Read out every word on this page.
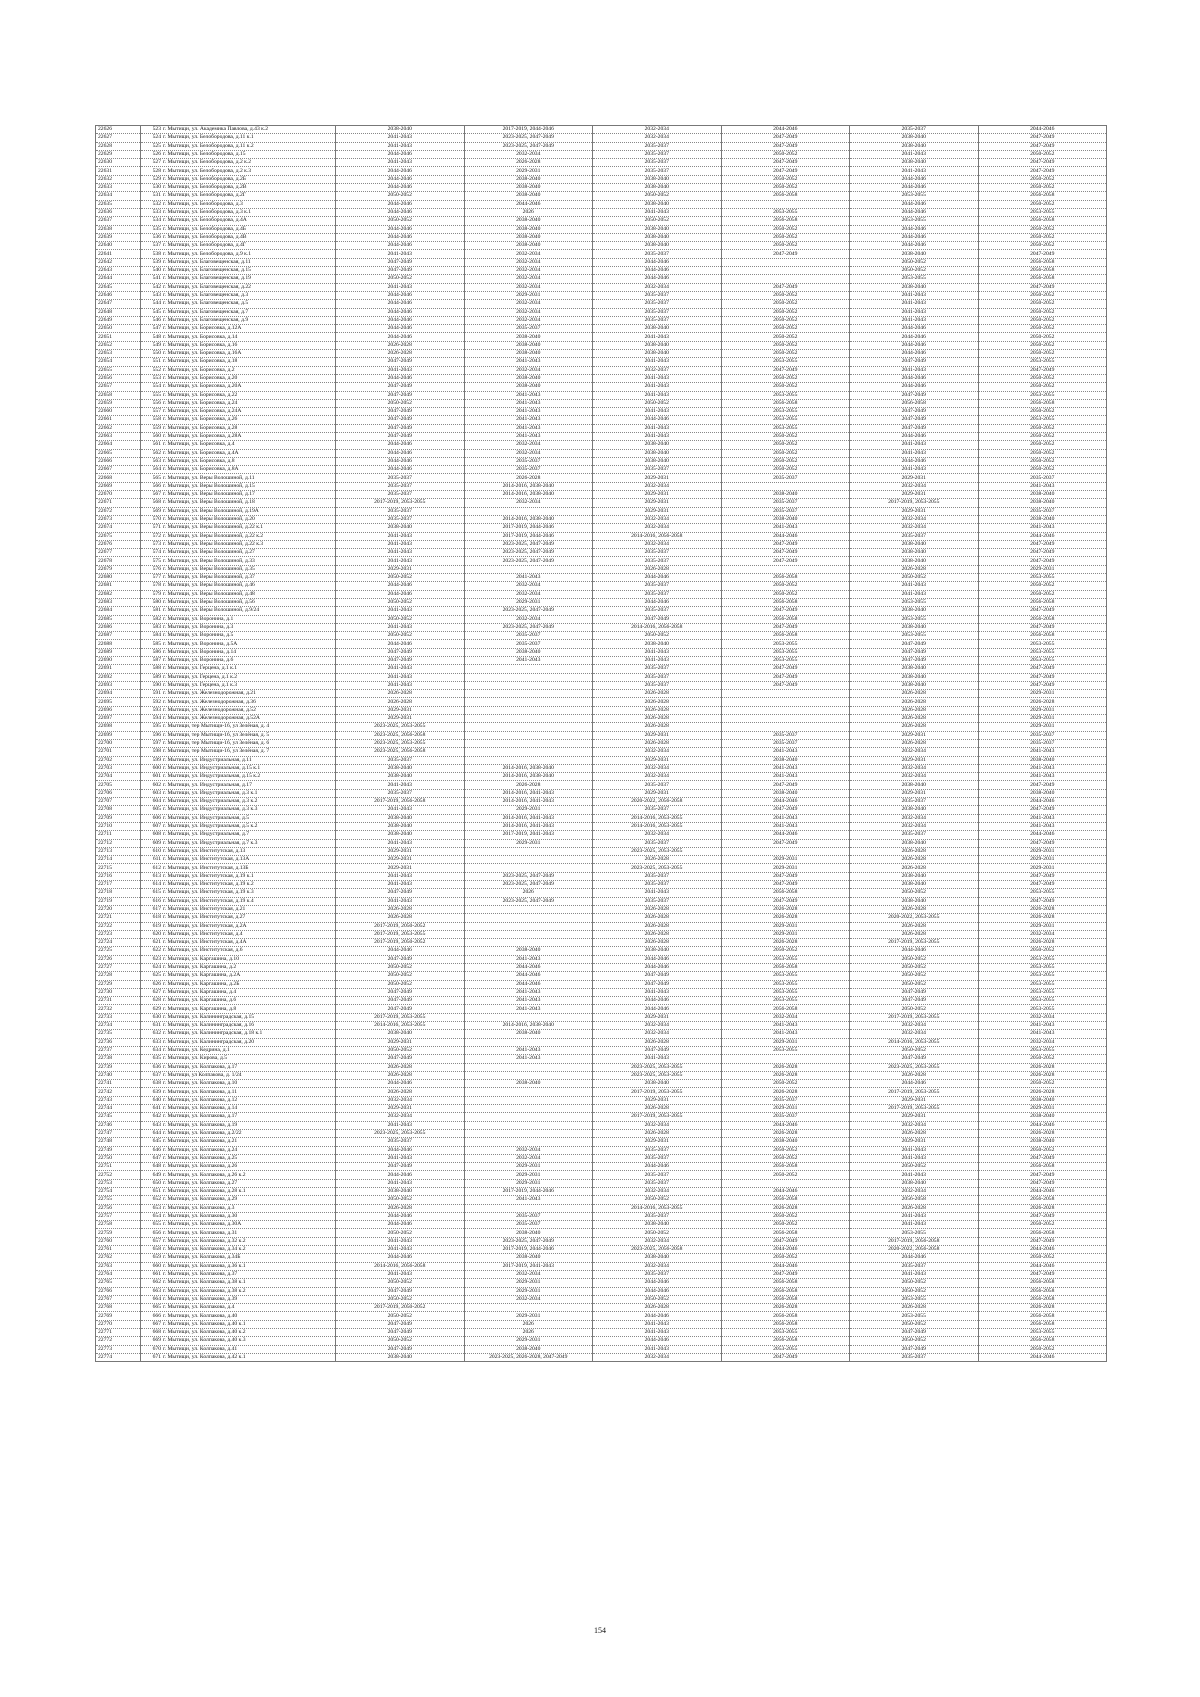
22626	523 г. Мытищи, ул. Академика Павлова, д.43 к.2	2038-2040	2017-2019, 2044-2046	2032-2034	2044-2046	2035-2037	2044-2046
22627	524 г. Мытищи, ул. Белобородова, д.11 к.1	2041-2043	2023-2025, 2047-2049	2032-2034	2047-2049	2038-2040	2047-2049
22628	525 г. Мытищи, ул. Белобородова, д.11 к.2	2041-2043	2023-2025, 2047-2049	2035-2037	2047-2049	2038-2040	2047-2049
22629	526 г. Мытищи, ул. Белобородова, д.15	2044-2046	2032-2034	2035-2037	2050-2052	2041-2043	2050-2052
22630	527 г. Мытищи, ул. Белобородова, д.2 к.2	2041-2043	2026-2028	2035-2037	2047-2049	2038-2040	2047-2049
22631	528 г. Мытищи, ул. Белобородова, д.2 к.3	2044-2046	2029-2031	2035-2037	2047-2049	2041-2043	2047-2049
22632	529 г. Мытищи, ул. Белобородова, д.2Б	2044-2046	2038-2040	2038-2040	2050-2052	2044-2046	2050-2052
22633	530 г. Мытищи, ул. Белобородова, д.2В	2044-2046	2038-2040	2038-2040	2050-2052	2044-2046	2050-2052
22634	531 г. Мытищи, ул. Белобородова, д.2Г	2050-2052	2038-2040	2050-2052	2056-2058	2053-2055	2056-2058
22635	532 г. Мытищи, ул. Белобородова, д.3	2044-2046	2044-2046	2038-2040		2044-2046	2050-2052
22636	533 г. Мытищи, ул. Белобородова, д.3 к.1	2044-2046	2026	2041-2043	2053-2055	2044-2046	2053-2055
22637	534 г. Мытищи, ул. Белобородова, д.4А	2050-2052	2038-2040	2050-2052	2056-2058	2053-2055	2056-2058
22638	535 г. Мытищи, ул. Белобородова, д.4Б	2044-2046	2038-2040	2038-2040	2050-2052	2044-2046	2050-2052
22639	536 г. Мытищи, ул. Белобородова, д.4В	2044-2046	2038-2040	2038-2040	2050-2052	2044-2046	2050-2052
22640	537 г. Мытищи, ул. Белобородова, д.4Г	2044-2046	2038-2040	2038-2040	2050-2052	2044-2046	2050-2052
22641	538 г. Мытищи, ул. Белобородова, д.9 к.1	2041-2043	2032-2034	2035-2037	2047-2049	2038-2040	2047-2049
22642	539 г. Мытищи, ул. Благовещенская, д.11	2047-2049	2032-2034	2044-2046		2050-2052	2056-2058
22643	540 г. Мытищи, ул. Благовещенская, д.15	2047-2049	2032-2034	2044-2046		2050-2052	2056-2058
22644	541 г. Мытищи, ул. Благовещенская, д.19	2050-2052	2032-2034	2044-2046		2053-2055	2056-2058
22645	542 г. Мытищи, ул. Благовещенская, д.22	2041-2043	2032-2034	2032-2034	2047-2049	2038-2040	2047-2049
22646	543 г. Мытищи, ул. Благовещенская, д.3	2044-2046	2029-2031	2035-2037	2050-2052	2041-2043	2050-2052
22647	544 г. Мытищи, ул. Благовещенская, д.5	2044-2046	2032-2034	2035-2037	2050-2052	2041-2043	2050-2052
22648	545 г. Мытищи, ул. Благовещенская, д.7	2044-2046	2032-2034	2035-2037	2050-2052	2041-2043	2050-2052
22649	546 г. Мытищи, ул. Благовещенская, д.9	2044-2046	2032-2034	2035-2037	2050-2052	2041-2043	2050-2052
22650	547 г. Мытищи, ул. Борисовка, д.12А	2044-2046	2035-2037	2038-2040	2050-2052	2044-2046	2050-2052
22651	548 г. Мытищи, ул. Борисовка, д.14	2044-2046	2038-2040	2041-2043	2050-2052	2044-2046	2050-2052
22652	549 г. Мытищи, ул. Борисовка, д.16	2026-2028	2038-2040	2038-2040	2050-2052	2044-2046	2050-2052
22653	550 г. Мытищи, ул. Борисовка, д.16А	2026-2028	2038-2040	2038-2040	2050-2052	2044-2046	2050-2052
22654	551 г. Мытищи, ул. Борисовка, д.18	2047-2049	2041-2043	2041-2043	2053-2055	2047-2049	2053-2055
22655	552 г. Мытищи, ул. Борисовка, д.2	2041-2043	2032-2034	2032-2037	2047-2049	2041-2043	2047-2049
22656	553 г. Мытищи, ул. Борисовка, д.20	2044-2046	2038-2040	2041-2043	2050-2052	2044-2046	2050-2052
22657	554 г. Мытищи, ул. Борисовка, д.20А	2047-2049	2038-2040	2041-2043	2050-2052	2044-2046	2050-2052
22658	555 г. Мытищи, ул. Борисовка, д.22	2047-2049	2041-2043	2041-2043	2053-2055	2047-2049	2053-2055
22659	556 г. Мытищи, ул. Борисовка, д.24	2050-2052	2041-2043	2050-2052	2056-2058	2056-2058	2056-2058
22660	557 г. Мытищи, ул. Борисовка, д.24А	2047-2049	2041-2043	2041-2043	2053-2055	2047-2049	2050-2052
22661	558 г. Мытищи, ул. Борисовка, д.26	2047-2049	2041-2043	2044-2046	2053-2055	2047-2049	2053-2055
22662	559 г. Мытищи, ул. Борисовка, д.28	2047-2049	2041-2043	2041-2043	2053-2055	2047-2049	2050-2052
22663	560 г. Мытищи, ул. Борисовка, д.28А	2047-2049	2041-2043	2041-2043	2050-2052	2044-2046	2050-2052
22664	561 г. Мытищи, ул. Борисовка, д.4	2044-2046	2032-2034	2038-2040	2050-2052	2041-2043	2050-2052
22665	562 г. Мытищи, ул. Борисовка, д.4А	2044-2046	2032-2034	2038-2040	2050-2052	2041-2043	2050-2052
22666	563 г. Мытищи, ул. Борисовка, д.8	2044-2046	2035-2037	2038-2040	2050-2052	2044-2046	2050-2052
22667	564 г. Мытищи, ул. Борисовка, д.8А	2044-2046	2035-2037	2035-2037	2050-2052	2041-2043	2050-2052
22668	565 г. Мытищи, ул. Веры Волошиной, д.11	2035-2037	2026-2028	2029-2031	2035-2037	2029-2031	2035-2037
22669	566 г. Мытищи, ул. Веры Волошиной, д.15	2035-2037	2014-2016, 2038-2040	2032-2034		2032-2034	2041-2043
22670	567 г. Мытищи, ул. Веры Волошиной, д.17	2035-2037	2014-2016, 2038-2040	2029-2031	2038-2040	2029-2031	2038-2040
22671	568 г. Мытищи, ул. Веры Волошиной, д.18	2017-2019, 2053-2055	2032-2034	2029-2031	2035-2037	2017-2019, 2053-2055	2038-2040
22672	569 г. Мытищи, ул. Веры Волошиной, д.19А	2035-2037		2029-2031	2035-2037	2029-2031	2035-2037
22673	570 г. Мытищи, ул. Веры Волошиной, д.20	2035-2037	2014-2016, 2038-2040	2032-2034	2038-2040	2032-2034	2038-2040
22674	571 г. Мытищи, ул. Веры Волошиной, д.22 к.1	2038-2040	2017-2019, 2044-2046	2032-2034	2041-2043	2032-2034	2041-2043
22675	572 г. Мытищи, ул. Веры Волошиной, д.22 к.2	2041-2043	2017-2019, 2044-2046	2014-2016, 2056-2058	2044-2046	2035-2037	2044-2046
22676	573 г. Мытищи, ул. Веры Волошиной, д.22 к.3	2041-2043	2023-2025, 2047-2049	2032-2034	2047-2049	2038-2040	2047-2049
22677	574 г. Мытищи, ул. Веры Волошиной, д.27	2041-2043	2023-2025, 2047-2049	2035-2037	2047-2049	2038-2040	2047-2049
22678	575 г. Мытищи, ул. Веры Волошиной, д.33	2041-2043	2023-2025, 2047-2049	2035-2037	2047-2049	2038-2040	2047-2049
22679	576 г. Мытищи, ул. Веры Волошиной, д.35	2029-2031		2026-2028		2026-2028	2029-2031
22680	577 г. Мытищи, ул. Веры Волошиной, д.37	2050-2052	2041-2043	2044-2046	2056-2058	2050-2052	2053-2055
22681	578 г. Мытищи, ул. Веры Волошиной, д.46	2044-2046	2032-2034	2035-2037	2050-2052	2041-2043	2050-2052
22682	579 г. Мытищи, ул. Веры Волошиной, д.48	2044-2046	2032-2034	2035-2037	2050-2052	2041-2043	2050-2052
22683	580 г. Мытищи, ул. Веры Волошиной, д.56	2050-2052	2029-2031	2044-2046	2056-2058	2053-2055	2056-2058
22684	581 г. Мытищи, ул. Веры Волошиной, д.9/24	2041-2043	2023-2025, 2047-2049	2035-2037	2047-2049	2038-2040	2047-2049
22685	582 г. Мытищи, ул. Воронина, д.1	2050-2052	2032-2034	2047-2049	2056-2058	2053-2055	2056-2058
22686	583 г. Мытищи, ул. Воронина, д.3	2041-2043	2023-2025, 2047-2049	2014-2016, 2056-2058	2047-2049	2038-2040	2047-2049
22687	584 г. Мытищи, ул. Воронина, д.5	2050-2052	2035-2037	2050-2052	2056-2058	2053-2055	2056-2058
22688	585 г. Мытищи, ул. Воронина, д.5А	2044-2046	2035-2037	2038-2040	2053-2055	2047-2049	2053-2055
22689	586 г. Мытищи, ул. Воронина, д.14	2047-2049	2038-2040	2041-2043	2053-2055	2047-2049	2053-2055
22690	587 г. Мытищи, ул. Воронина, д.6	2047-2049	2041-2043	2041-2043	2053-2055	2047-2049	2053-2055
22691	588 г. Мытищи, ул. Герцена, д.1 к.1	2041-2043		2035-2037	2047-2049	2038-2040	2047-2049
22692	589 г. Мытищи, ул. Герцена, д.1 к.2	2041-2043		2035-2037	2047-2049	2038-2040	2047-2049
22693	590 г. Мытищи, ул. Герцена, д.1 к.3	2041-2043		2035-2037	2047-2049	2038-2040	2047-2049
22694	591 г. Мытищи, ул. Железнодорожная, д.21	2026-2028		2026-2028		2026-2028	2029-2031
22695	592 г. Мытищи, ул. Железнодорожная, д.36	2026-2028		2026-2028		2026-2028	2026-2028
22696	593 г. Мытищи, ул. Железнодорожная, д.52	2029-2031		2026-2028		2026-2028	2029-2031
22697	594 г. Мытищи, ул. Железнодорожная, д.52А	2029-2031		2026-2028		2026-2028	2029-2031
22698	595 г. Мытищи, тер Мытищи-16, ул Зелёная, д. 4	2023-2025, 2053-2055		2026-2028		2026-2028	2029-2031
22699	596 г. Мытищи, тер Мытищи-16, ул Зелёная, д. 5	2023-2025, 2056-2058		2029-2031	2035-2037	2029-2031	2035-2037
22700	597 г. Мытищи, тер Мытищи-16, ул Зелёная, д. 6	2023-2025, 2053-2055		2026-2028	2035-2037	2026-2028	2035-2037
22701	598 г. Мытищи, тер Мытищи-16, ул Зелёная, д. 7	2023-2025, 2056-2058		2032-2034	2041-2043	2032-2034	2041-2043
22702	599 г. Мытищи, ул. Индустриальная, д.11	2035-2037		2029-2031	2038-2040	2029-2031	2038-2040
22703	600 г. Мытищи, ул. Индустриальная, д.15 к.1	2038-2040	2014-2016, 2038-2040	2032-2034	2041-2043	2032-2034	2041-2043
22704	601 г. Мытищи, ул. Индустриальная, д.15 к.2	2038-2040	2014-2016, 2038-2040	2032-2034	2041-2043	2032-2034	2041-2043
22705	602 г. Мытищи, ул. Индустриальная, д.17	2041-2043	2026-2028	2035-2037	2047-2049	2038-2040	2047-2049
22706	603 г. Мытищи, ул. Индустриальная, д.3 к.1	2035-2037	2014-2016, 2041-2043	2029-2031	2038-2040	2029-2031	2038-2040
22707	604 г. Мытищи, ул. Индустриальная, д.3 к.2	2017-2019, 2056-2058	2014-2016, 2041-2043	2020-2022, 2056-2058	2044-2046	2035-2037	2044-2046
22708	605 г. Мытищи, ул. Индустриальная, д.3 к.3	2041-2043	2029-2031	2035-2037	2047-2049	2038-2040	2047-2049
22709	606 г. Мытищи, ул. Индустриальная, д.5	2038-2040	2014-2016, 2041-2043	2014-2016, 2053-2055	2041-2043	2032-2034	2041-2043
22710	607 г. Мытищи, ул. Индустриальная, д.5 к.2	2038-2040	2014-2016, 2041-2043	2014-2016, 2053-2055	2041-2043	2032-2034	2041-2043
22711	608 г. Мытищи, ул. Индустриальная, д.7	2038-2040	2017-2019, 2041-2043	2032-2034	2044-2046	2035-2037	2044-2046
22712	609 г. Мытищи, ул. Индустриальная, д.7 к.3	2041-2043	2029-2031	2035-2037	2047-2049	2038-2040	2047-2049
22713	610 г. Мытищи, ул. Институтская, д.13	2029-2031		2023-2025, 2053-2055		2026-2028	2029-2031
22714	611 г. Мытищи, ул. Институтская, д.13А	2029-2031		2026-2028	2029-2031	2026-2028	2029-2031
22715	612 г. Мытищи, ул. Институтская, д.13Б	2029-2031		2023-2025, 2053-2055	2029-2031	2026-2028	2029-2031
22716	613 г. Мытищи, ул. Институтская, д.19 к.1	2041-2043	2023-2025, 2047-2049	2035-2037	2047-2049	2038-2040	2047-2049
22717	614 г. Мытищи, ул. Институтская, д.19 к.2	2041-2043	2023-2025, 2047-2049	2035-2037	2047-2049	2038-2040	2047-2049
22718	615 г. Мытищи, ул. Институтская, д.19 к.3	2047-2049	2026	2041-2043	2056-2058	2050-2052	2053-2055
22719	616 г. Мытищи, ул. Институтская, д.19 к.4	2041-2043	2023-2025, 2047-2049	2035-2037	2047-2049	2038-2040	2047-2049
22720	617 г. Мытищи, ул. Институтская, д.21	2026-2028		2026-2028	2026-2028	2026-2028	2026-2028
22721	618 г. Мытищи, ул. Институтская, д.27	2026-2028		2026-2028	2026-2028	2020-2022, 2053-2055	2026-2028
22722	619 г. Мытищи, ул. Институтская, д.2А	2017-2019, 2050-2052		2026-2028	2029-2031	2026-2028	2029-2031
22723	620 г. Мытищи, ул. Институтская, д.4	2017-2019, 2053-2055		2026-2028	2029-2031	2026-2028	2032-2034
22724	621 г. Мытищи, ул. Институтская, д.4А	2017-2019, 2050-2052		2026-2028	2026-2028	2017-2019, 2053-2055	2026-2028
22725	622 г. Мытищи, ул. Институтская, д.6	2044-2046	2038-2040	2038-2040	2050-2052	2044-2046	2050-2052
22726	623 г. Мытищи, ул. Каргашина, д.10	2047-2049	2041-2043	2044-2046	2053-2055	2050-2052	2053-2055
22727	624 г. Мытищи, ул. Каргашина, д.2	2050-2052	2044-2046	2044-2046	2056-2058	2050-2052	2053-2055
22728	625 г. Мытищи, ул. Каргашина, д.2А	2050-2052	2044-2046	2047-2049	2053-2055	2050-2052	2053-2055
22729	626 г. Мытищи, ул. Каргашина, д.2Б	2050-2052	2044-2046	2047-2049	2053-2055	2050-2052	2053-2055
22730	627 г. Мытищи, ул. Каргашина, д.4	2047-2049	2041-2043	2041-2043	2053-2055	2047-2049	2053-2055
22731	628 г. Мытищи, ул. Каргашина, д.6	2047-2049	2041-2043	2044-2046	2053-2055	2047-2049	2053-2055
22732	629 г. Мытищи, ул. Каргашина, д.8	2047-2049	2041-2043	2044-2046	2056-2058	2050-2052	2053-2055
22733	630 г. Мытищи, ул. Калининградская, д.15	2017-2019, 2053-2055		2029-2031	2032-2034	2017-2019, 2053-2055	2032-2034
22734	631 г. Мытищи, ул. Калининградская, д.16	2014-2016, 2053-2055	2014-2016, 2038-2040	2032-2034	2041-2043	2032-2034	2041-2043
22735	632 г. Мытищи, ул. Калининградская, д.18 к.1	2038-2040	2038-2040	2032-2034	2041-2043	2032-2034	2041-2043
22736	633 г. Мытищи, ул. Калининградская, д.20	2029-2031		2026-2028	2029-2031	2014-2016, 2053-2055	2032-2034
22737	634 г. Мытищи, ул. Кедрина, д.1	2050-2052	2041-2043	2047-2049	2053-2055	2050-2052	2053-2055
22738	635 г. Мытищи, ул. Кирова, д.5	2047-2049	2041-2043	2041-2043		2047-2049	2050-2052
22739	636 г. Мытищи, ул. Колпакова, д.17	2026-2028		2023-2025, 2053-2055	2026-2028	2023-2025, 2053-2055	2026-2028
22740	637 г. Мытищи, ул Колпакова, д. 1/24	2026-2028		2023-2025, 2053-2055	2026-2028	2026-2028	2026-2028
22741	638 г. Мытищи, ул. Колпакова, д.10	2044-2046	2038-2040	2038-2040	2050-2052	2044-2046	2050-2052
22742	639 г. Мытищи, ул. Колпакова, д.11	2026-2028		2017-2019, 2053-2055	2026-2028	2017-2019, 2053-2055	2026-2028
22743	640 г. Мытищи, ул. Колпакова, д.12	2032-2034		2029-2031	2035-2037	2029-2031	2038-2040
22744	641 г. Мытищи, ул. Колпакова, д.14	2029-2031		2026-2028	2029-2031	2017-2019, 2053-2055	2029-2031
22745	642 г. Мытищи, ул. Колпакова, д.17	2032-2034		2017-2019, 2053-2055	2035-2037	2029-2031	2038-2040
22746	643 г. Мытищи, ул. Колпакова, д.19	2041-2043		2032-2034	2044-2046	2032-2034	2044-2046
22747	644 г. Мытищи, ул. Колпакова, д.2/22	2023-2025, 2053-2055		2026-2028	2026-2028	2026-2028	2026-2028
22748	645 г. Мытищи, ул. Колпакова, д.21	2035-2037		2029-2031	2038-2040	2029-2031	2038-2040
22749	646 г. Мытищи, ул. Колпакова, д.24	2044-2046	2032-2034	2035-2037	2050-2052	2041-2043	2050-2052
22750	647 г. Мытищи, ул. Колпакова, д.25	2041-2043	2032-2034	2035-2037	2050-2052	2041-2043	2047-2049
22751	648 г. Мытищи, ул. Колпакова, д.26	2047-2049	2029-2031	2044-2046	2056-2058	2050-2052	2056-2058
22752	649 г. Мытищи, ул. Колпакова, д.26 к.2	2044-2046	2029-2031	2035-2037	2050-2052	2041-2043	2047-2049
22753	650 г. Мытищи, ул. Колпакова, д.27	2041-2043	2029-2031	2035-2037		2038-2040	2047-2049
22754	651 г. Мытищи, ул. Колпакова, д.28 к.1	2038-2040	2017-2019, 2044-2046	2032-2034	2044-2046	2032-2034	2044-2046
22755	652 г. Мытищи, ул. Колпакова, д.29	2050-2052	2041-2043	2050-2052	2056-2058	2056-2058	2056-2058
22756	653 г. Мытищи, ул. Колпакова, д.3	2026-2028		2014-2016, 2053-2055	2026-2028	2026-2028	2026-2028
22757	654 г. Мытищи, ул. Колпакова, д.30	2044-2046	2035-2037	2035-2037	2050-2052	2041-2043	2047-2049
22758	655 г. Мытищи, ул. Колпакова, д.30А	2044-2046	2035-2037	2038-2040	2050-2052	2041-2043	2050-2052
22759	656 г. Мытищи, ул. Колпакова, д.31	2050-2052	2038-2040	2050-2052	2056-2058	2053-2055	2056-2058
22760	657 г. Мытищи, ул. Колпакова, д.32 к.2	2041-2043	2023-2025, 2047-2049	2032-2034	2047-2049	2017-2019, 2056-2058	2047-2049
22761	658 г. Мытищи, ул. Колпакова, д.34 к.2	2041-2043	2017-2019, 2044-2046	2023-2025, 2056-2058	2044-2046	2020-2022, 2056-2058	2044-2046
22762	659 г. Мытищи, ул. Колпакова, д.34Б	2044-2046	2038-2040	2038-2040	2050-2052	2044-2046	2050-2052
22763	660 г. Мытищи, ул. Колпакова, д.36 к.1	2014-2016, 2056-2058	2017-2019, 2041-2043	2032-2034	2044-2046	2035-2037	2044-2046
22764	661 г. Мытищи, ул. Колпакова, д.37	2041-2043	2032-2034	2035-2037	2047-2049	2041-2043	2047-2049
22765	662 г. Мытищи, ул. Колпакова, д.38 к.1	2050-2052	2029-2031	2044-2046	2056-2058	2050-2052	2056-2058
22766	663 г. Мытищи, ул. Колпакова, д.38 к.2	2047-2049	2029-2031	2044-2046	2056-2058	2050-2052	2056-2058
22767	664 г. Мытищи, ул. Колпакова, д.39	2050-2052	2032-2034	2050-2052	2056-2058	2053-2055	2056-2058
22768	665 г. Мытищи, ул. Колпакова, д.4	2017-2019, 2050-2052		2026-2028	2026-2028	2026-2028	2026-2028
22769	666 г. Мытищи, ул. Колпакова, д.40	2050-2052	2029-2031	2044-2046	2056-2058	2053-2055	2056-2058
22770	667 г. Мытищи, ул. Колпакова, д.40 к.1	2047-2049	2026	2041-2043	2056-2058	2050-2052	2056-2058
22771	668 г. Мытищи, ул. Колпакова, д.40 к.2	2047-2049	2026	2041-2043	2053-2055	2047-2049	2053-2055
22772	669 г. Мытищи, ул. Колпакова, д.40 к.3	2050-2052	2029-2031	2044-2046	2056-2058	2050-2052	2056-2058
22773	670 г. Мытищи, ул. Колпакова, д.41	2047-2049	2038-2040	2041-2043	2053-2055	2047-2049	2050-2052
22774	671 г. Мытищи, ул. Колпакова, д.42 к.1	2038-2040	2023-2025, 2026-2028, 2047-2049	2032-2034	2047-2049	2035-2037	2044-2046
154
